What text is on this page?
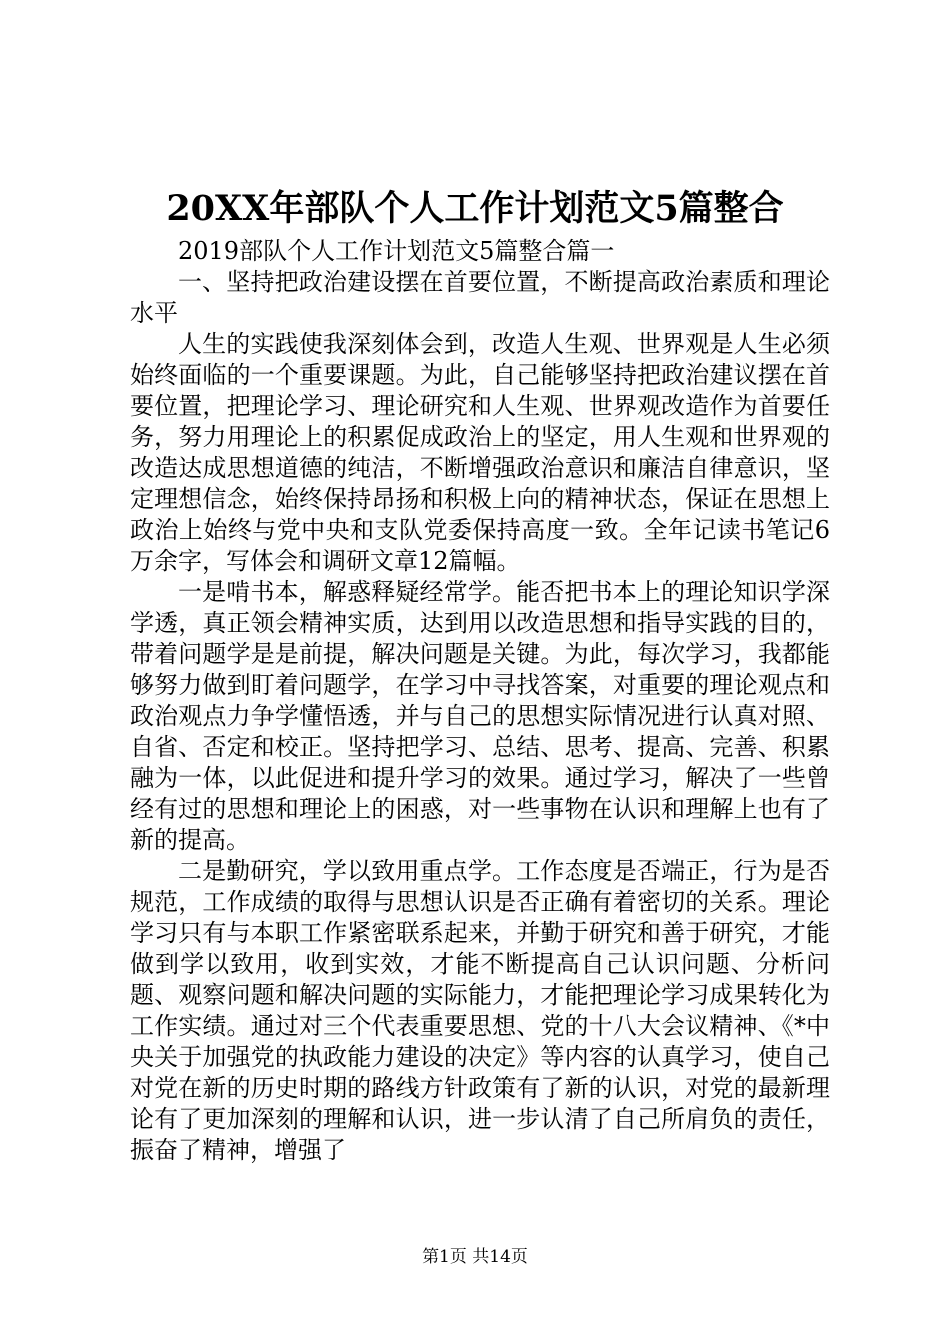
20XX年部队个人工作计划范文5篇整合

2019部队个人工作计划范文5篇整合篇一

一、坚持把政治建设摆在首要位置，不断提高政治素质和理论水平

人生的实践使我深刻体会到，改造人生观、世界观是人生必须始终面临的一个重要课题。为此，自己能够坚持把政治建议摆在首要位置，把理论学习、理论研究和人生观、世界观改造作为首要任务，努力用理论上的积累促成政治上的坚定，用人生观和世界观的改造达成思想道德的纯洁，不断增强政治意识和廉洁自律意识，坚定理想信念，始终保持昂扬和积极上向的精神状态，保证在思想上政治上始终与党中央和支队党委保持高度一致。全年记读书笔记6万余字，写体会和调研文章12篇幅。

一是啃书本，解惑释疑经常学。能否把书本上的理论知识学深学透，真正领会精神实质，达到用以改造思想和指导实践的目的，带着问题学是是前提，解决问题是关键。为此，每次学习，我都能够努力做到盯着问题学，在学习中寻找答案，对重要的理论观点和政治观点力争学懂悟透，并与自己的思想实际情况进行认真对照、自省、否定和校正。坚持把学习、总结、思考、提高、完善、积累融为一体，以此促进和提升学习的效果。通过学习，解决了一些曾经有过的思想和理论上的困惑，对一些事物在认识和理解上也有了新的提高。

二是勤研究，学以致用重点学。工作态度是否端正，行为是否规范，工作成绩的取得与思想认识是否正确有着密切的关系。理论学习只有与本职工作紧密联系起来，并勤于研究和善于研究，才能做到学以致用，收到实效，才能不断提高自己认识问题、分析问题、观察问题和解决问题的实际能力，才能把理论学习成果转化为工作实绩。通过对三个代表重要思想、党的十八大会议精神、《*中央关于加强党的执政能力建设的决定》等内容的认真学习，使自己对党在新的历史时期的路线方针政策有了新的认识，对党的最新理论有了更加深刻的理解和认识，进一步认清了自己所肩负的责任，振奋了精神，增强了

第1页 共14页
